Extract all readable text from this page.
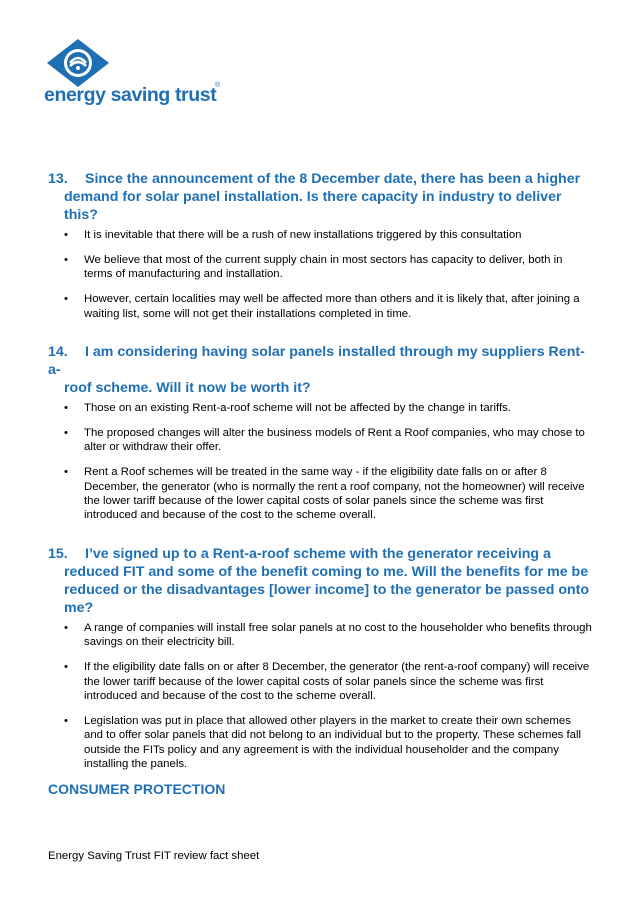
energy saving trust
®

13. Since the announcement of the 8 December date, there has been a higher
demand for solar panel installation. Is there capacity in industry to deliver
this?

• It is inevitable that there will be a rush of new installations triggered by this consultation
• We believe that most of the current supply chain in most sectors has capacity to deliver, both in terms of manufacturing and installation.
• However, certain localities may well be affected more than others and it is likely that, after joining a waiting list, some will not get their installations completed in time.

14. I am considering having solar panels installed through my suppliers Rent-a-
roof scheme. Will it now be worth it?

• Those on an existing Rent-a-roof scheme will not be affected by the change in tariffs.
• The proposed changes will alter the business models of Rent a Roof companies, who may chose to alter or withdraw their offer.
• Rent a Roof schemes will be treated in the same way - if the eligibility date falls on or after 8 December, the generator (who is normally the rent a roof company, not the homeowner) will receive the lower tariff because of the lower capital costs of solar panels since the scheme was first introduced and because of the cost to the scheme overall.

15. I’ve signed up to a Rent-a-roof scheme with the generator receiving a
reduced FIT and some of the benefit coming to me. Will the benefits for me be
reduced or the disadvantages [lower income] to the generator be passed onto
me?

• A range of companies will install free solar panels at no cost to the householder who benefits through savings on their electricity bill.
• If the eligibility date falls on or after 8 December, the generator (the rent-a-roof company) will receive the lower tariff because of the lower capital costs of solar panels since the scheme was first introduced and because of the cost to the scheme overall.
• Legislation was put in place that allowed other players in the market to create their own schemes and to offer solar panels that did not belong to an individual but to the property. These schemes fall outside the FITs policy and any agreement is with the individual householder and the company installing the panels.
CONSUMER PROTECTION
Energy Saving Trust FIT review fact sheet
